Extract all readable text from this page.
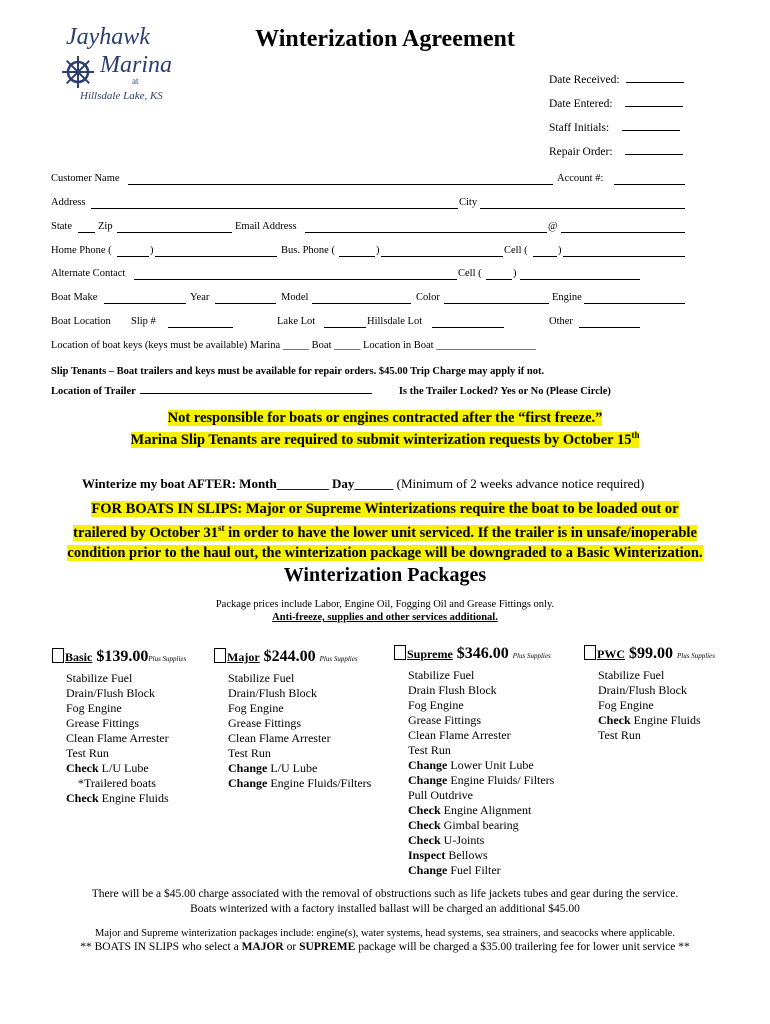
Jayhawk
Marina
at
Hillsdale Lake, KS
Winterization Agreement
Date Received:
Date Entered:
Staff Initials:
Repair Order:
Customer Name	Account #:
Address	City
State Zip	Email Address	@
Home Phone (	)	Bus. Phone (	)	Cell (	)
Alternate Contact	Cell (	)
Boat Make	Year	Model	Color	Engine
Boat Location Slip #	Lake Lot	Hillsdale Lot	Other
Location of boat keys (keys must be available) Marina _____ Boat _____ Location in Boat ___________________
Slip Tenants – Boat trailers and keys must be available for repair orders. $45.00 Trip Charge may apply if not.
Location of Trailer	Is the Trailer Locked? Yes or No (Please Circle)
Not responsible for boats or engines contracted after the “first freeze.”
Marina Slip Tenants are required to submit winterization requests by October 15th
Winterize my boat AFTER: Month________ Day______ (Minimum of 2 weeks advance notice required)
FOR BOATS IN SLIPS: Major or Supreme Winterizations require the boat to be loaded out or
trailered by October 31st in order to have the lower unit serviced. If the trailer is in unsafe/inoperable
condition prior to the haul out, the winterization package will be downgraded to a Basic Winterization.
Winterization Packages
Package prices include Labor, Engine Oil, Fogging Oil and Grease Fittings only.
Anti-freeze, supplies and other services additional.
Basic $139.00Plus Supplies
Stabilize Fuel
Drain/Flush Block
Fog Engine
Grease Fittings
Clean Flame Arrester
Test Run
Check L/U Lube
*Trailered boats
Check Engine Fluids
Major $244.00 Plus Supplies
Stabilize Fuel
Drain/Flush Block
Fog Engine
Grease Fittings
Clean Flame Arrester
Test Run
Change L/U Lube
Change Engine Fluids/Filters
Supreme $346.00 Plus Supplies
Stabilize Fuel
Drain Flush Block
Fog Engine
Grease Fittings
Clean Flame Arrester
Test Run
Change Lower Unit Lube
Change Engine Fluids/ Filters
Pull Outdrive
Check Engine Alignment
Check Gimbal bearing
Check U-Joints
Inspect Bellows
Change Fuel Filter
PWC $99.00 Plus Supplies
Stabilize Fuel
Drain/Flush Block
Fog Engine
Check Engine Fluids
Test Run
There will be a $45.00 charge associated with the removal of obstructions such as life jackets tubes and gear during the service.
Boats winterized with a factory installed ballast will be charged an additional $45.00
Major and Supreme winterization packages include: engine(s), water systems, head systems, sea strainers, and seacocks where applicable.
** BOATS IN SLIPS who select a MAJOR or SUPREME package will be charged a $35.00 trailering fee for lower unit service **
